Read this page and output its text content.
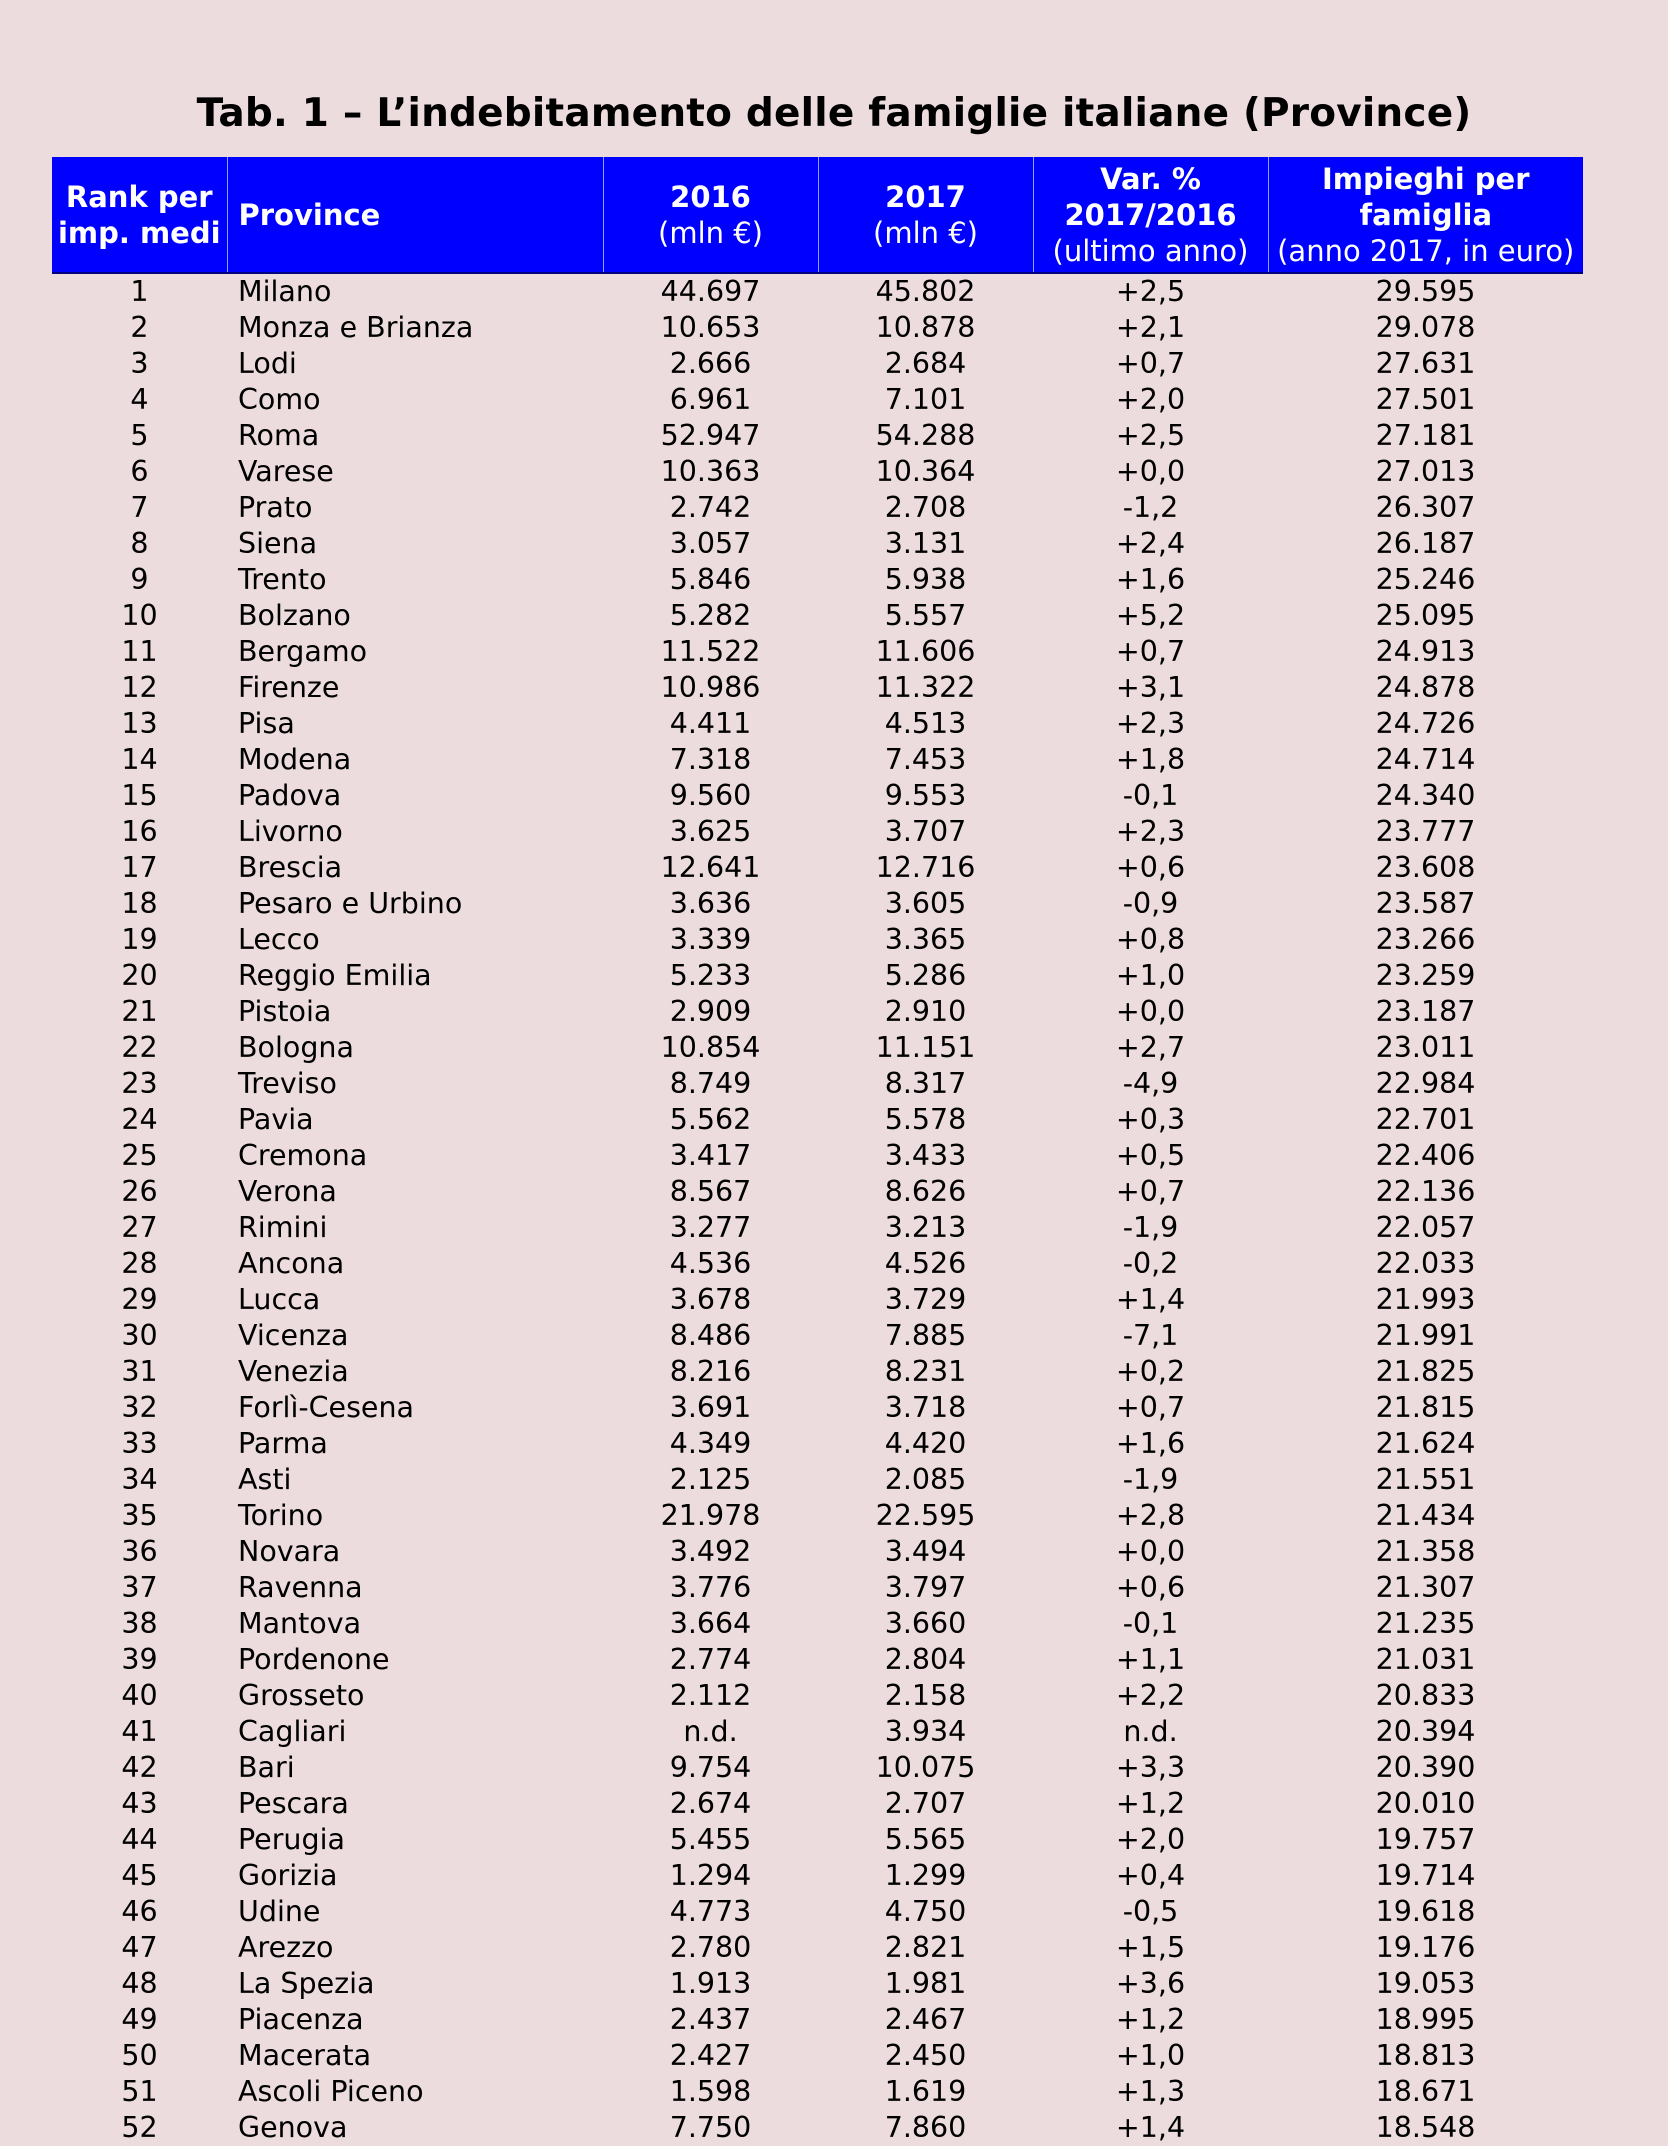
Tab. 1 – L’indebitamento delle famiglie italiane (Province)
Rank per
imp. medi	Province	2016
(mln €)	2017
(mln €)	Var. %
2017/2016
(ultimo anno)	Impieghi per
famiglia
(anno 2017, in euro)

1	Milano	44.697	45.802	+2,5	29.595
2	Monza e Brianza	10.653	10.878	+2,1	29.078
3	Lodi	2.666	2.684	+0,7	27.631
4	Como	6.961	7.101	+2,0	27.501
5	Roma	52.947	54.288	+2,5	27.181
6	Varese	10.363	10.364	+0,0	27.013
7	Prato	2.742	2.708	-1,2	26.307
8	Siena	3.057	3.131	+2,4	26.187
9	Trento	5.846	5.938	+1,6	25.246
10	Bolzano	5.282	5.557	+5,2	25.095
11	Bergamo	11.522	11.606	+0,7	24.913
12	Firenze	10.986	11.322	+3,1	24.878
13	Pisa	4.411	4.513	+2,3	24.726
14	Modena	7.318	7.453	+1,8	24.714
15	Padova	9.560	9.553	-0,1	24.340
16	Livorno	3.625	3.707	+2,3	23.777
17	Brescia	12.641	12.716	+0,6	23.608
18	Pesaro e Urbino	3.636	3.605	-0,9	23.587
19	Lecco	3.339	3.365	+0,8	23.266
20	Reggio Emilia	5.233	5.286	+1,0	23.259
21	Pistoia	2.909	2.910	+0,0	23.187
22	Bologna	10.854	11.151	+2,7	23.011
23	Treviso	8.749	8.317	-4,9	22.984
24	Pavia	5.562	5.578	+0,3	22.701
25	Cremona	3.417	3.433	+0,5	22.406
26	Verona	8.567	8.626	+0,7	22.136
27	Rimini	3.277	3.213	-1,9	22.057
28	Ancona	4.536	4.526	-0,2	22.033
29	Lucca	3.678	3.729	+1,4	21.993
30	Vicenza	8.486	7.885	-7,1	21.991
31	Venezia	8.216	8.231	+0,2	21.825
32	Forlì-Cesena	3.691	3.718	+0,7	21.815
33	Parma	4.349	4.420	+1,6	21.624
34	Asti	2.125	2.085	-1,9	21.551
35	Torino	21.978	22.595	+2,8	21.434
36	Novara	3.492	3.494	+0,0	21.358
37	Ravenna	3.776	3.797	+0,6	21.307
38	Mantova	3.664	3.660	-0,1	21.235
39	Pordenone	2.774	2.804	+1,1	21.031
40	Grosseto	2.112	2.158	+2,2	20.833
41	Cagliari	n.d.	3.934	n.d.	20.394
42	Bari	9.754	10.075	+3,3	20.390
43	Pescara	2.674	2.707	+1,2	20.010
44	Perugia	5.455	5.565	+2,0	19.757
45	Gorizia	1.294	1.299	+0,4	19.714
46	Udine	4.773	4.750	-0,5	19.618
47	Arezzo	2.780	2.821	+1,5	19.176
48	La Spezia	1.913	1.981	+3,6	19.053
49	Piacenza	2.437	2.467	+1,2	18.995
50	Macerata	2.427	2.450	+1,0	18.813
51	Ascoli Piceno	1.598	1.619	+1,3	18.671
52	Genova	7.750	7.860	+1,4	18.548
